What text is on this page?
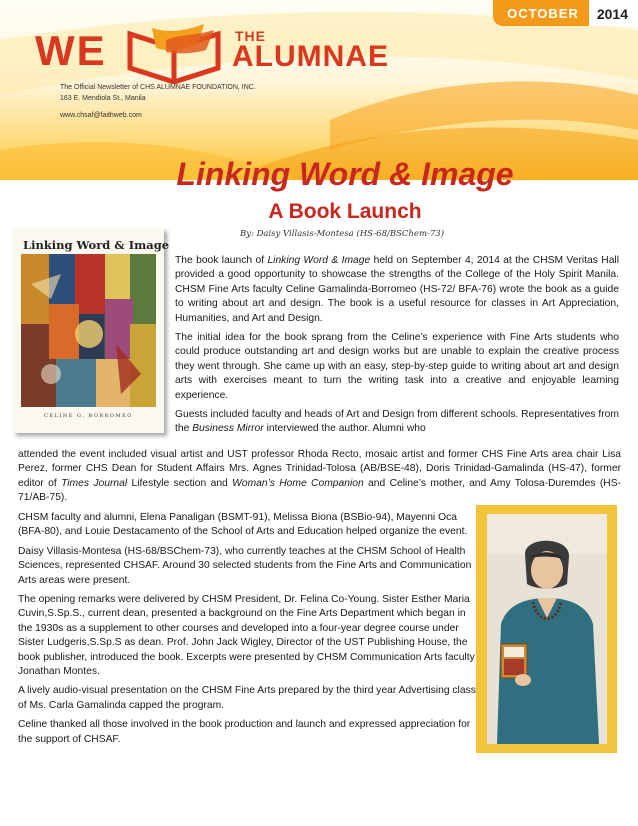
OCTOBER	2014
WE	THE
ALUMNAE
The Official Newsletter of CHS ALUMNAE FOUNDATION, INC.
163 E. Mendiola St., Manila
www.chsaf@faithweb.com
Linking Word & Image
A Book Launch
By: Daisy Villasis-Montesa (HS-68/BSChem-73)
Linking Word & Image
CELINE G. BORROMEO

The book launch of Linking Word & Image held on September 4, 2014 at the CHSM Veritas Hall provided a good opportunity to showcase the strengths of the College of the Holy Spirit Manila. CHSM Fine Arts faculty Celine Gamalinda-Borromeo (HS-72/ BFA-76) wrote the book as a guide to writing about art and design. The book is a useful resource for classes in Art Appreciation, Humanities, and Art and Design.

The initial idea for the book sprang from the Celine’s experience with Fine Arts students who could produce outstanding art and design works but are unable to explain the creative process they went through. She came up with an easy, step-by-step guide to writing about art and design arts with exercises meant to turn the writing task into a creative and enjoyable learning experience.

Guests included faculty and heads of Art and Design from different schools. Representatives from the Business Mirror interviewed the author. Alumni who

attended the event included visual artist and UST professor Rhoda Recto, mosaic artist and former CHS Fine Arts area chair Lisa Perez, former CHS Dean for Student Affairs Mrs. Agnes Trinidad-Tolosa (AB/BSE-48), Doris Trinidad-Gamalinda (HS-47), former editor of Times Journal Lifestyle section and Woman’s Home Companion and Celine’s mother, and Amy Tolosa-Duremdes (HS-71/AB-75).

CHSM faculty and alumni, Elena Panaligan (BSMT-91), Melissa Biona (BSBio-94), Mayenni Oca (BFA-80), and Louie Destacamento of the School of Arts and Education helped organize the event.

Daisy Villasis-Montesa (HS-68/BSChem-73), who currently teaches at the CHSM School of Health Sciences, represented CHSAF. Around 30 selected students from the Fine Arts and Communication Arts areas were present.

The opening remarks were delivered by CHSM President, Dr. Felina Co-Young. Sister Esther Maria Cuvin,S.Sp.S., current dean, presented a background on the Fine Arts Department which began in the 1930s as a supplement to other courses and developed into a four-year degree course under Sister Ludgeris,S.Sp.S as dean. Prof. John Jack Wigley, Director of the UST Publishing House, the book publisher, introduced the book. Excerpts were presented by CHSM Communication Arts faculty Jonathan Montes.

A lively audio-visual presentation on the CHSM Fine Arts prepared by the third year Advertising class of Ms. Carla Gamalinda capped the program.

Celine thanked all those involved in the book production and launch and expressed appreciation for the support of CHSAF.
